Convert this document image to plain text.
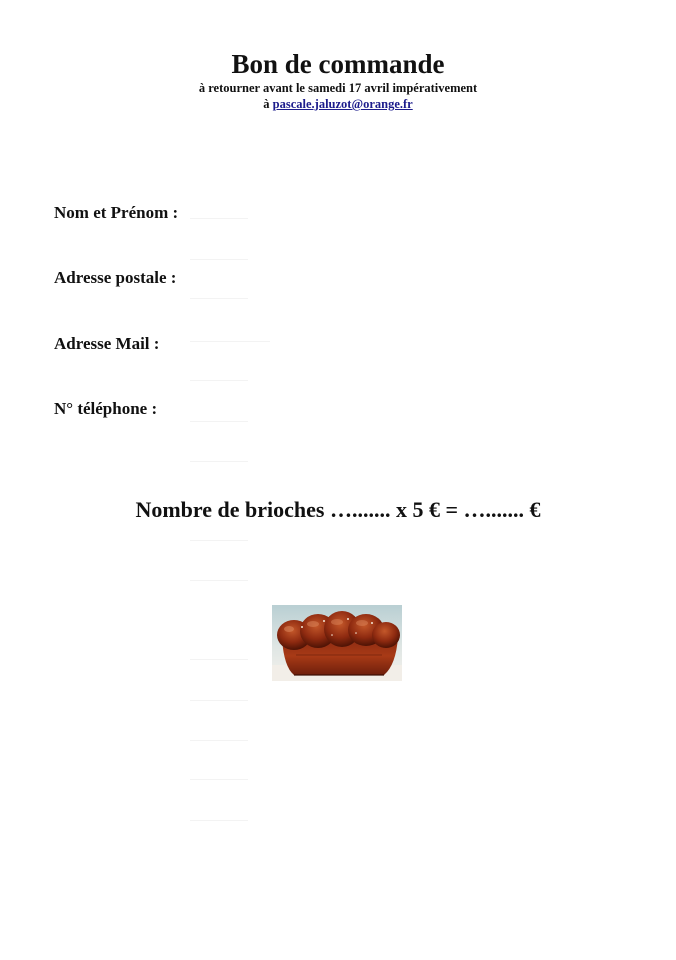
Bon de commande
à retourner avant le samedi 17 avril impérativement
à pascale.jaluzot@orange.fr
Nom et Prénom :
Adresse postale :
Adresse Mail :
N° téléphone :
Nombre de brioches …....... x 5 € = …....... €
